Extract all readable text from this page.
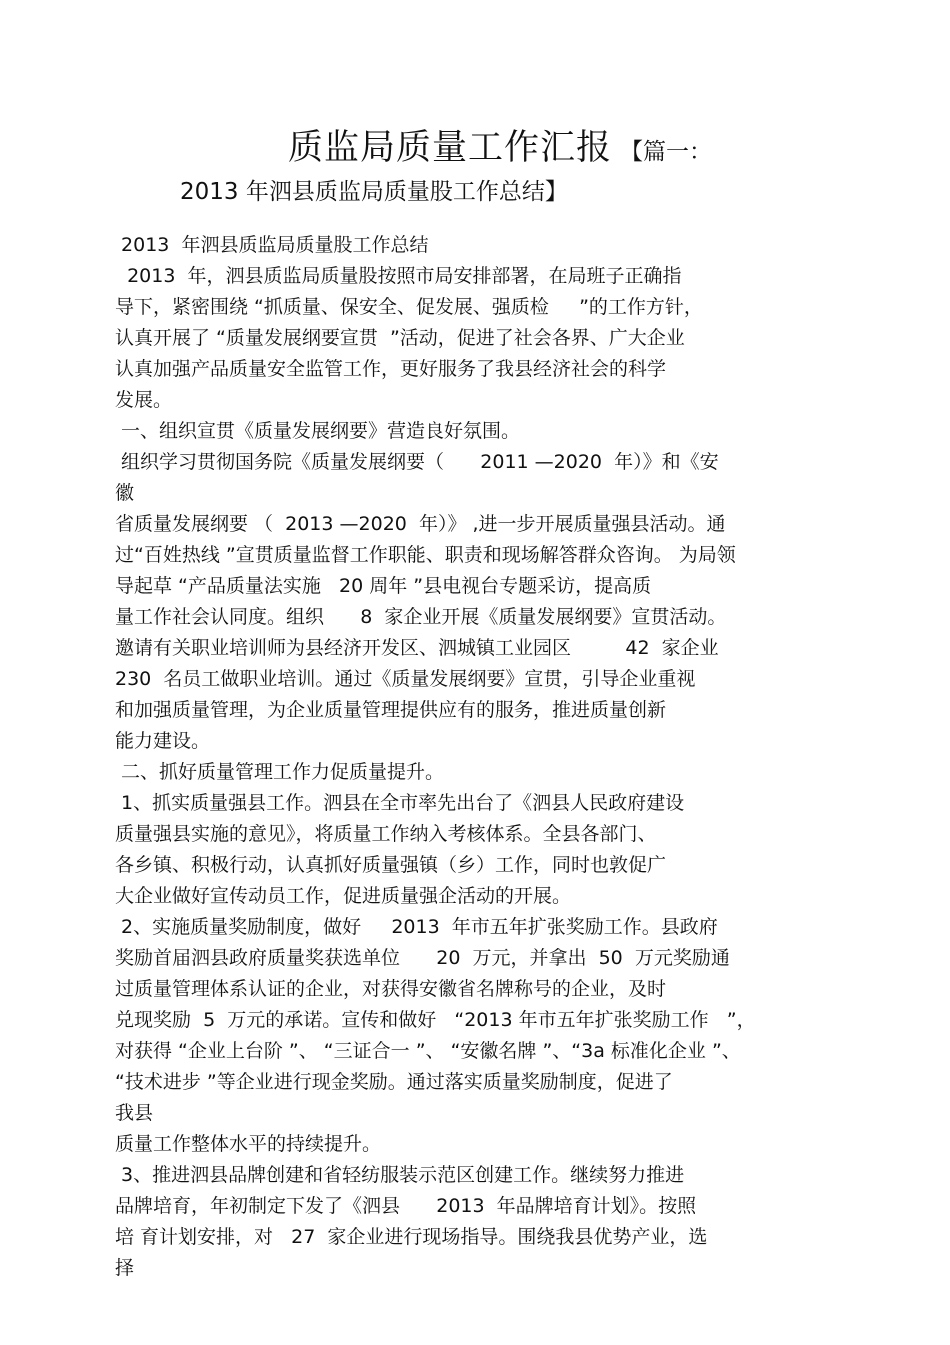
质监局质量工作汇报 【篇一：
2013 年泗县质监局质量股工作总结】
2013  年泗县质监局质量股工作总结
2013  年，泗县质监局质量股按照市局安排部署，在局班子正确指
导下，紧密围绕 “抓质量、保安全、促发展、强质检     ”的工作方针，
认真开展了 “质量发展纲要宣贯  ”活动，促进了社会各界、广大企业
认真加强产品质量安全监管工作，更好服务了我县经济社会的科学
发展。
一、组织宣贯《质量发展纲要》营造良好氛围。
组织学习贯彻国务院《质量发展纲要（      2011 —2020  年）》和《安
徽
省质量发展纲要 （  2013 —2020  年）》 ,进一步开展质量强县活动。通
过“百姓热线 ”宣贯质量监督工作职能、职责和现场解答群众咨询。 为局领
导起草 “产品质量法实施   20 周年 ”县电视台专题采访，提高质
量工作社会认同度。组织      8  家企业开展《质量发展纲要》宣贯活动。
邀请有关职业培训师为县经济开发区、泗城镇工业园区         42  家企业
230  名员工做职业培训。通过《质量发展纲要》宣贯，引导企业重视
和加强质量管理，为企业质量管理提供应有的服务，推进质量创新
能力建设。
二、抓好质量管理工作力促质量提升。
1、抓实质量强县工作。泗县在全市率先出台了《泗县人民政府建设
质量强县实施的意见》，将质量工作纳入考核体系。全县各部门、
各乡镇、积极行动，认真抓好质量强镇（乡）工作，同时也敦促广
大企业做好宣传动员工作，促进质量强企活动的开展。
2、实施质量奖励制度，做好     2013  年市五年扩张奖励工作。县政府
奖励首届泗县政府质量奖获选单位      20  万元，并拿出  50  万元奖励通
过质量管理体系认证的企业，对获得安徽省名牌称号的企业，及时
兑现奖励  5  万元的承诺。宣传和做好   “2013 年市五年扩张奖励工作   ”，
对获得 “企业上台阶 ”、 “三证合一 ”、 “安徽名牌 ”、“3a 标准化企业 ”、
“技术进步 ”等企业进行现金奖励。通过落实质量奖励制度，促进了
我县
质量工作整体水平的持续提升。
3、推进泗县品牌创建和省轻纺服装示范区创建工作。继续努力推进
品牌培育，年初制定下发了《泗县      2013  年品牌培育计划》。按照
培 育计划安排，对   27  家企业进行现场指导。围绕我县优势产业，选
择
